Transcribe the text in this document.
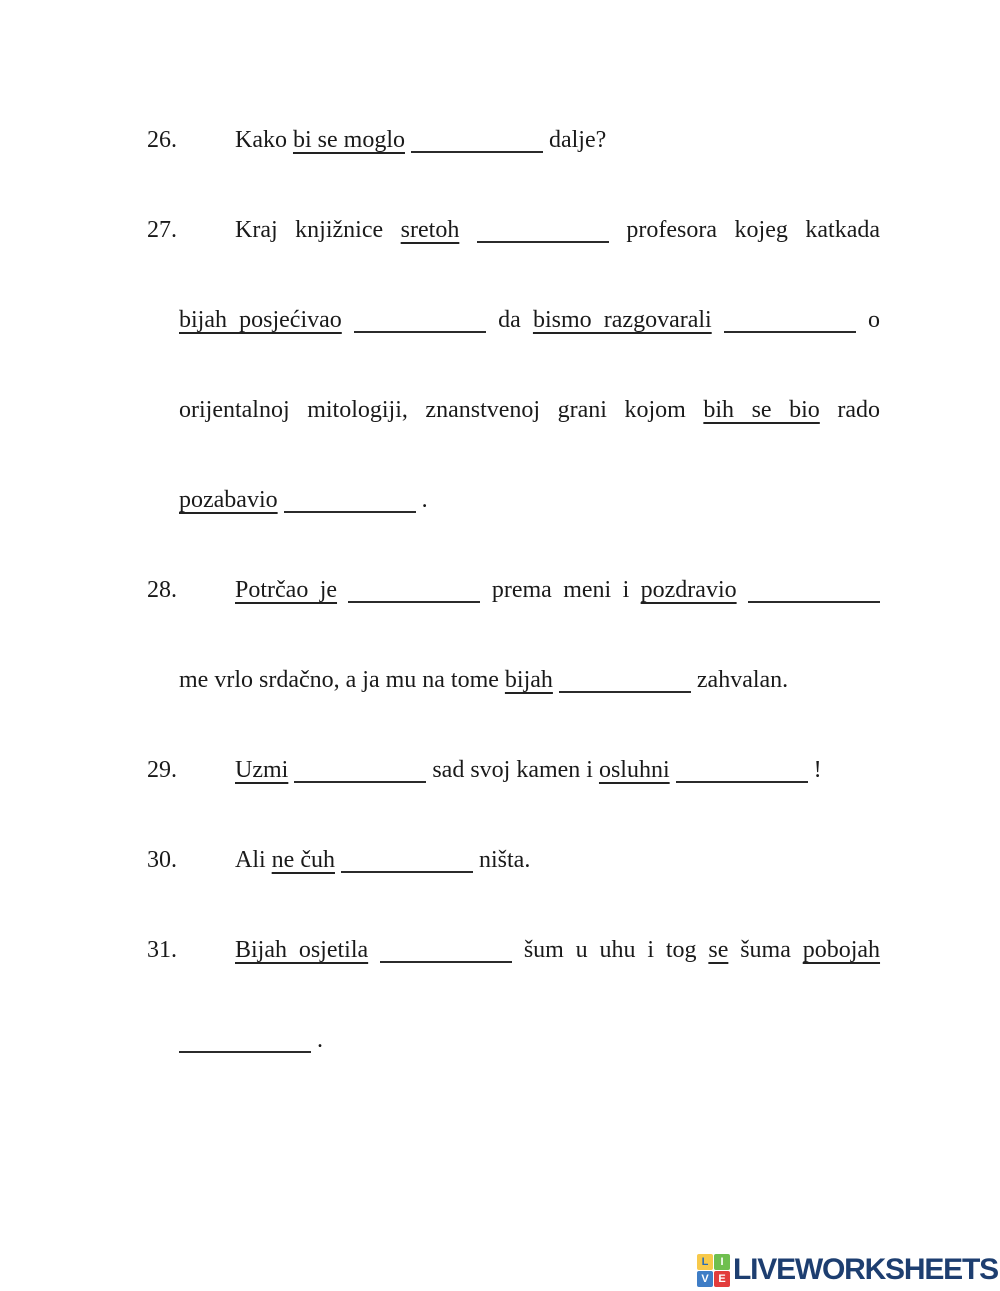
26. Kako bi se moglo	dalje?
27. Kraj knjižnice sretoh	profesora kojeg katkada
bijah posjećivao	da bismo razgovarali	o
orijentalnoj mitologiji, znanstvenoj grani kojom bih se bio rado
pozabavio	.
28. Potrčao je	prema meni i pozdravio
me vrlo srdačno, a ja mu na tome bijah	zahvalan.
29. Uzmi	sad svoj kamen i osluhni	!
30. Ali ne čuh	ništa.
31. Bijah osjetila	šum u uhu i tog se šuma pobojah
.
L	I
V E LIVEWORKSHEETS
